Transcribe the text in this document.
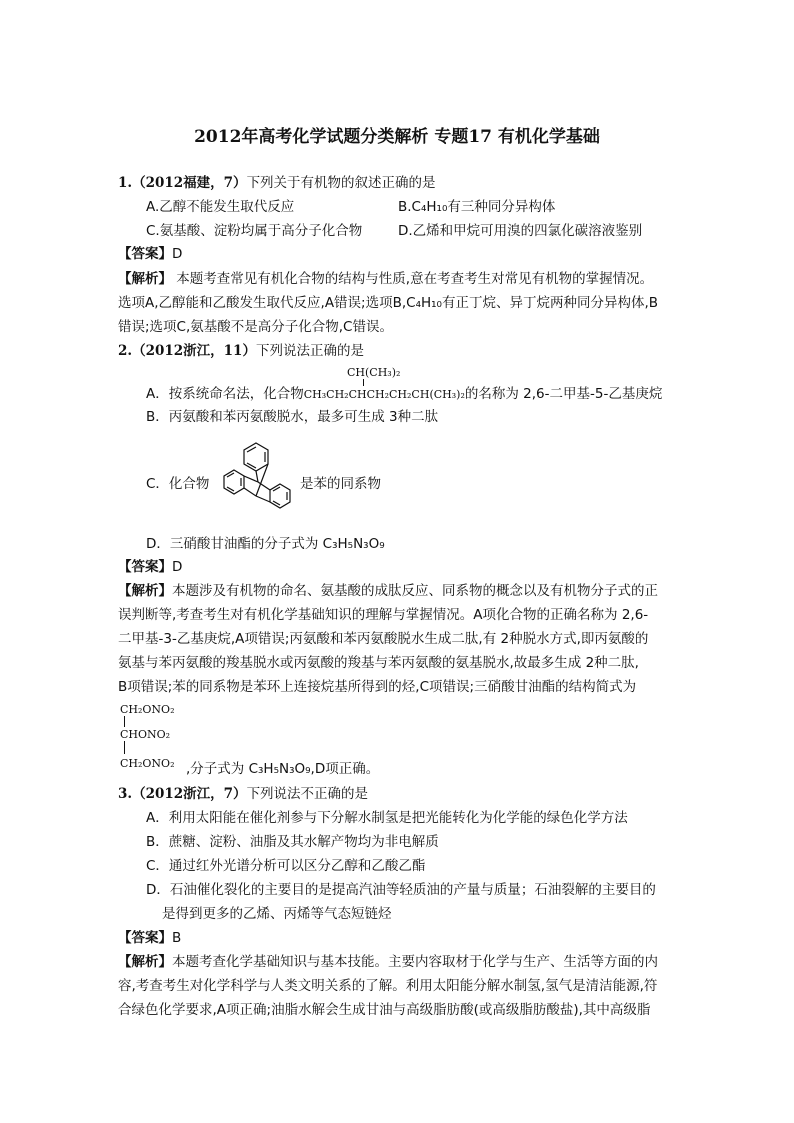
2012年高考化学试题分类解析 专题17 有机化学基础
1.（2012福建，7）下列关于有机物的叙述正确的是
A.乙醇不能发生取代反应	B.C₄H₁₀有三种同分异构体
C.氨基酸、淀粉均属于高分子化合物	D.乙烯和甲烷可用溴的四氯化碳溶液鉴别
【答案】D
【解析】 本题考查常见有机化合物的结构与性质,意在考查考生对常见有机物的掌握情况。
选项A,乙醇能和乙酸发生取代反应,A错误;选项B,C₄H₁₀有正丁烷、异丁烷两种同分异构体,B
错误;选项C,氨基酸不是高分子化合物,C错误。
2.（2012浙江，11）下列说法正确的是
CH(CH₃)₂
A．按系统命名法，化合物CH₃CH₂CHCH₂CH₂CH(CH₃)₂的名称为 2,6-二甲基-5-乙基庚烷
B．丙氨酸和苯丙氨酸脱水，最多可生成 3种二肽
C．化合物	是苯的同系物
D．三硝酸甘油酯的分子式为 C₃H₅N₃O₉
【答案】D
【解析】本题涉及有机物的命名、氨基酸的成肽反应、同系物的概念以及有机物分子式的正
误判断等,考查考生对有机化学基础知识的理解与掌握情况。A项化合物的正确名称为 2,6-
二甲基-3-乙基庚烷,A项错误;丙氨酸和苯丙氨酸脱水生成二肽,有 2种脱水方式,即丙氨酸的
氨基与苯丙氨酸的羧基脱水或丙氨酸的羧基与苯丙氨酸的氨基脱水,故最多生成 2种二肽,
B项错误;苯的同系物是苯环上连接烷基所得到的烃,C项错误;三硝酸甘油酯的结构简式为
CH₂ONO₂
CHONO₂
CH₂ONO₂ ,分子式为 C₃H₅N₃O₉,D项正确。
3.（2012浙江，7）下列说法不正确的是
A．利用太阳能在催化剂参与下分解水制氢是把光能转化为化学能的绿色化学方法
B．蔗糖、淀粉、油脂及其水解产物均为非电解质
C．通过红外光谱分析可以区分乙醇和乙酸乙酯
D．石油催化裂化的主要目的是提高汽油等轻质油的产量与质量；石油裂解的主要目的
是得到更多的乙烯、丙烯等气态短链烃
【答案】B
【解析】本题考查化学基础知识与基本技能。主要内容取材于化学与生产、生活等方面的内
容,考查考生对化学科学与人类文明关系的了解。利用太阳能分解水制氢,氢气是清洁能源,符
合绿色化学要求,A项正确;油脂水解会生成甘油与高级脂肪酸(或高级脂肪酸盐),其中高级脂
